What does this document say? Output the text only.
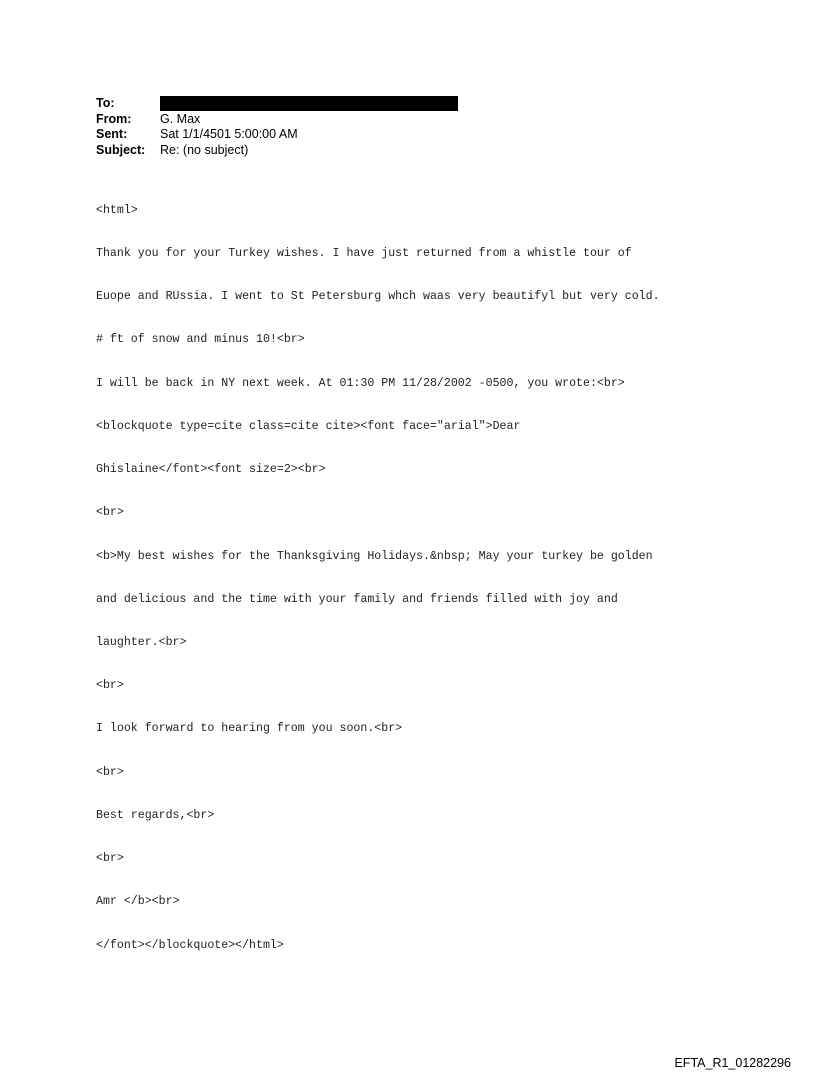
To:
From:	G. Max
Sent:	Sat 1/1/4501 5:00:00 AM
Subject:	Re: (no subject)

<html>

Thank you for your Turkey wishes. I have just returned from a whistle tour of

Euope and RUssia. I went to St Petersburg whch waas very beautifyl but very cold.

# ft of snow and minus 10!<br>

I will be back in NY next week. At 01:30 PM 11/28/2002 -0500, you wrote:<br>

<blockquote type=cite class=cite cite><font face="arial">Dear

Ghislaine</font><font size=2><br>

<br>

<b>My best wishes for the Thanksgiving Holidays.&nbsp; May your turkey be golden

and delicious and the time with your family and friends filled with joy and

laughter.<br>

<br>

I look forward to hearing from you soon.<br>

<br>

Best regards,<br>

<br>

Amr </b><br>

</font></blockquote></html>

EFTA_R1_01282296
